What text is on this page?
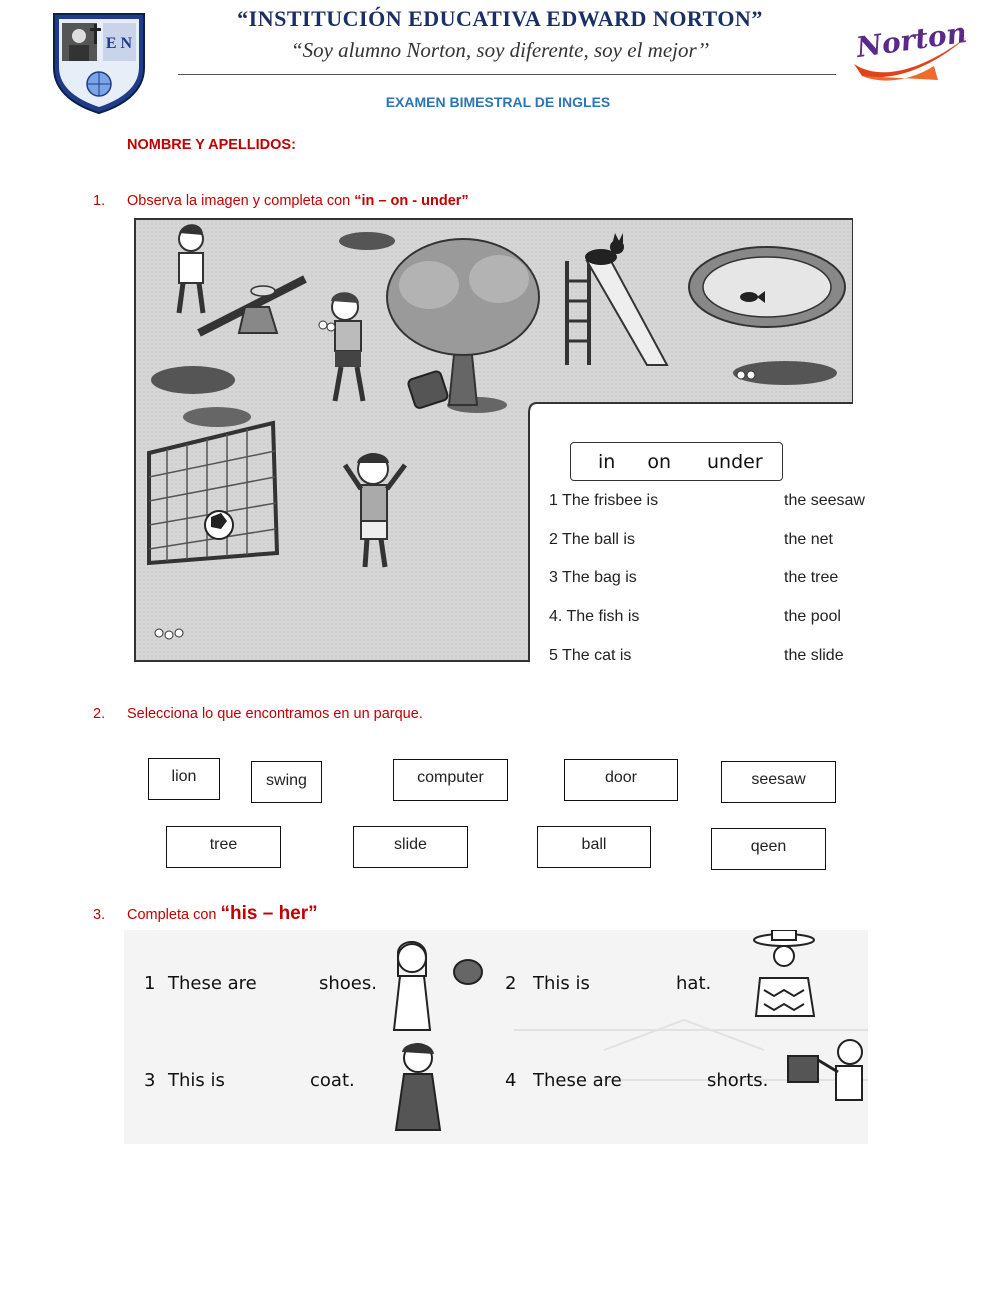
E N
“INSTITUCIÓN EDUCATIVA EDWARD NORTON”
“Soy alumno Norton, soy diferente, soy el mejor’’	Norton
EXAMEN BIMESTRAL DE INGLES
NOMBRE Y APELLIDOS:
1. Observa la imagen y completa con “in – on - under”
in on under
1 The frisbee is	the seesaw
2 The ball is	the net
3 The bag is	the tree
4. The fish is	the pool
5 The cat is	the slide
2. Selecciona lo que encontramos en un parque.
lion	swing	computer	door	seesaw
tree	slide	ball	qeen
3. Completa con “his – her”
1 These are	shoes.	2 This is	hat.
3 This is	coat.	4 These are	shorts.
